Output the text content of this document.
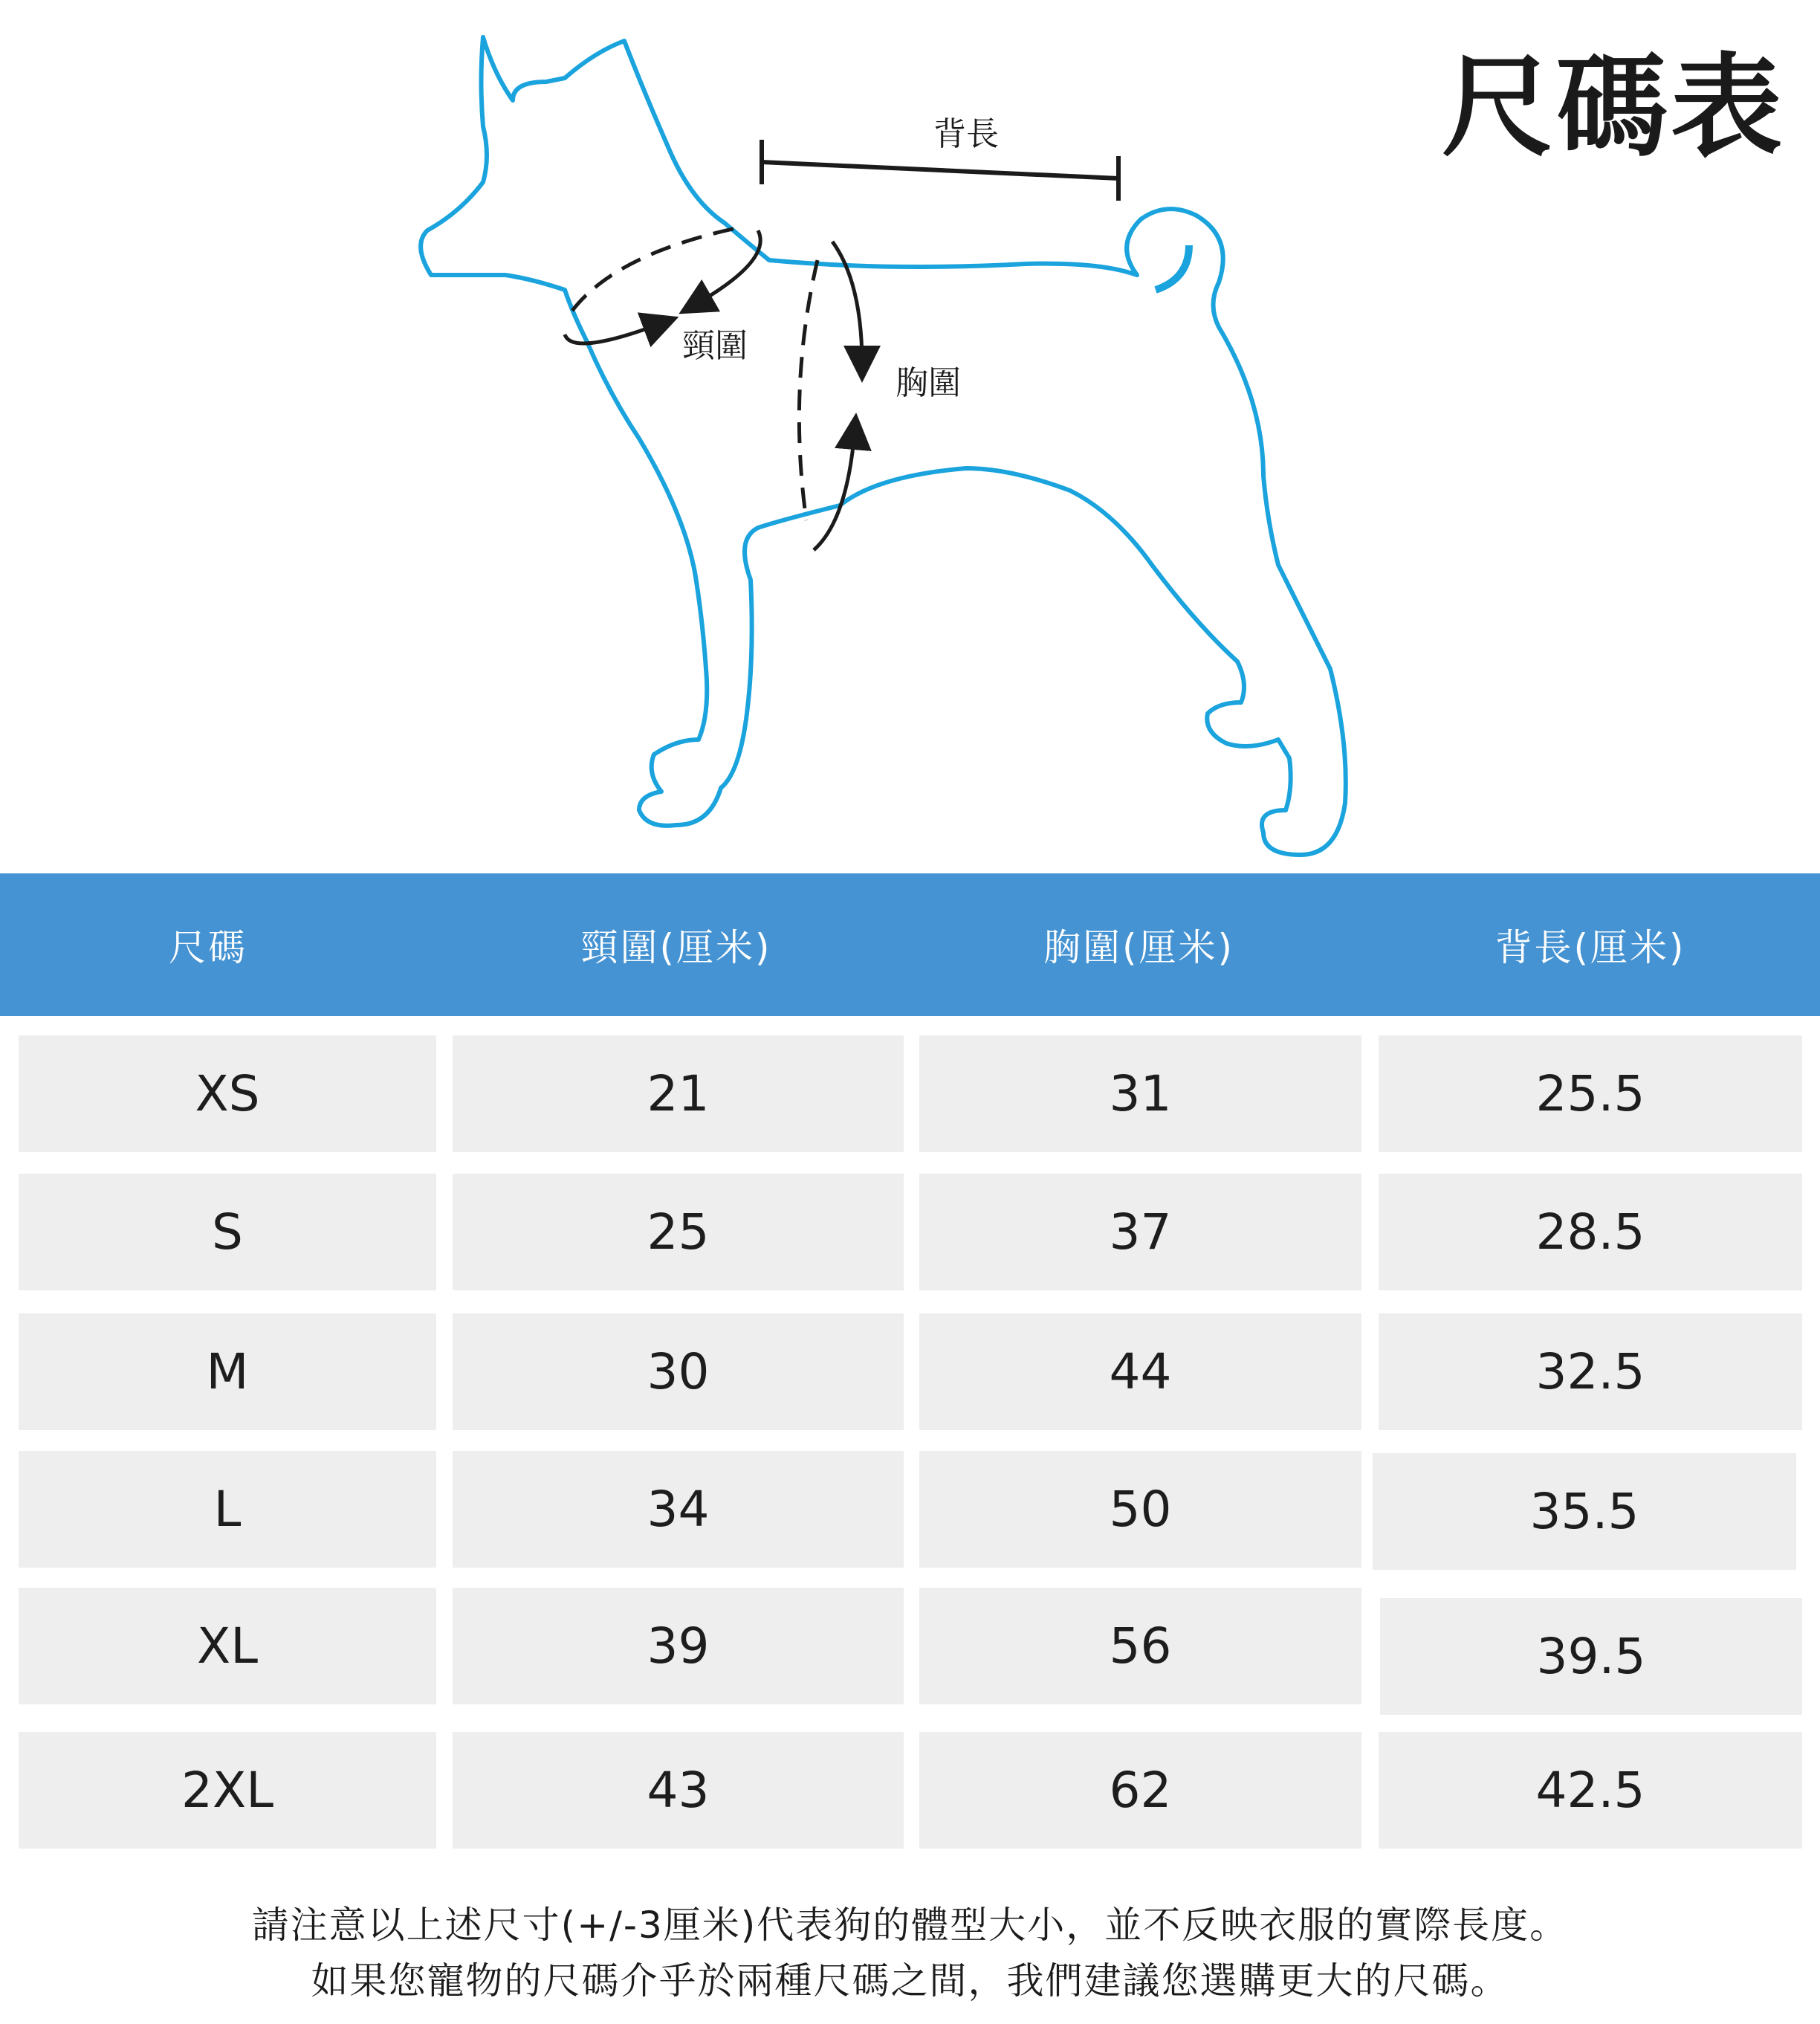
尺碼表
背長
頸圍
胸圍
尺碼	頸圍(厘米)	胸圍(厘米)	背長(厘米)
XS	21	31	25.5
S	25	37	28.5
M	30	44	32.5
L	34	50	35.5
XL	39	56	39.5
2XL	43	62	42.5
請注意以上述尺寸(+/-3厘米)代表狗的體型大小，並不反映衣服的實際長度。
如果您寵物的尺碼介乎於兩種尺碼之間，我們建議您選購更大的尺碼。
